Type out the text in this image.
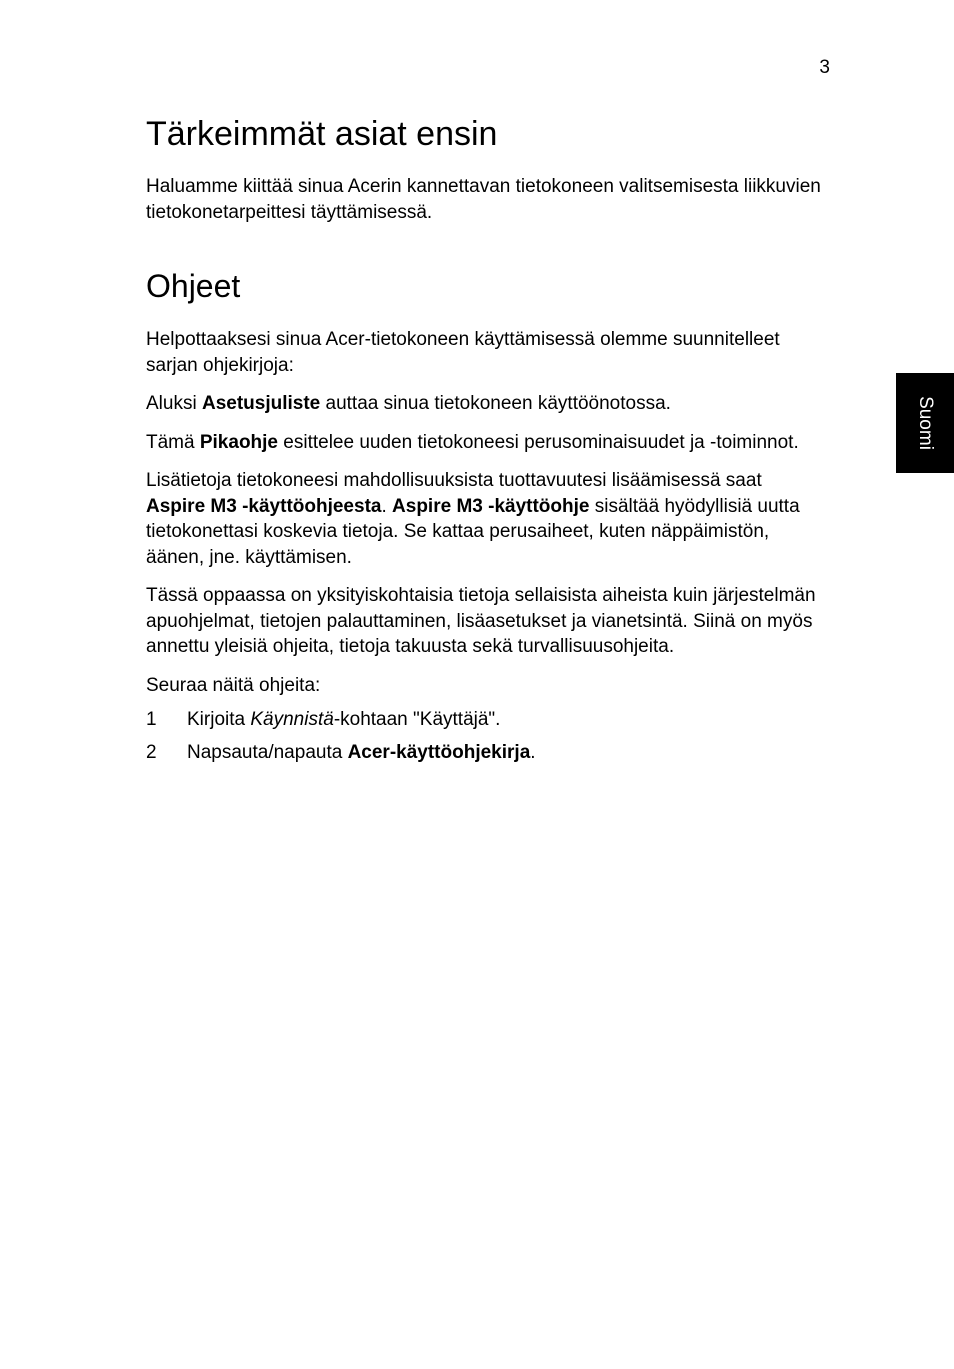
3
Suomi
Tärkeimmät asiat ensin

Haluamme kiittää sinua Acerin kannettavan tietokoneen valitsemisesta liikkuvien tietokonetarpeittesi täyttämisessä.

Ohjeet

Helpottaaksesi sinua Acer-tietokoneen käyttämisessä olemme suunnitelleet sarjan ohjekirjoja:

Aluksi Asetusjuliste auttaa sinua tietokoneen käyttöönotossa.

Tämä Pikaohje esittelee uuden tietokoneesi perusominaisuudet ja -toiminnot.

Lisätietoja tietokoneesi mahdollisuuksista tuottavuutesi lisäämisessä saat Aspire M3 -käyttöohjeesta. Aspire M3 -käyttöohje sisältää hyödyllisiä uutta tietokonettasi koskevia tietoja. Se kattaa perusaiheet, kuten näppäimistön, äänen, jne. käyttämisen.

Tässä oppaassa on yksityiskohtaisia tietoja sellaisista aiheista kuin järjestelmän apuohjelmat, tietojen palauttaminen, lisäasetukset ja vianetsintä. Siinä on myös annettu yleisiä ohjeita, tietoja takuusta sekä turvallisuusohjeita.

Seuraa näitä ohjeita:

1 Kirjoita Käynnistä-kohtaan "Käyttäjä".
2 Napsauta/napauta Acer-käyttöohjekirja.
